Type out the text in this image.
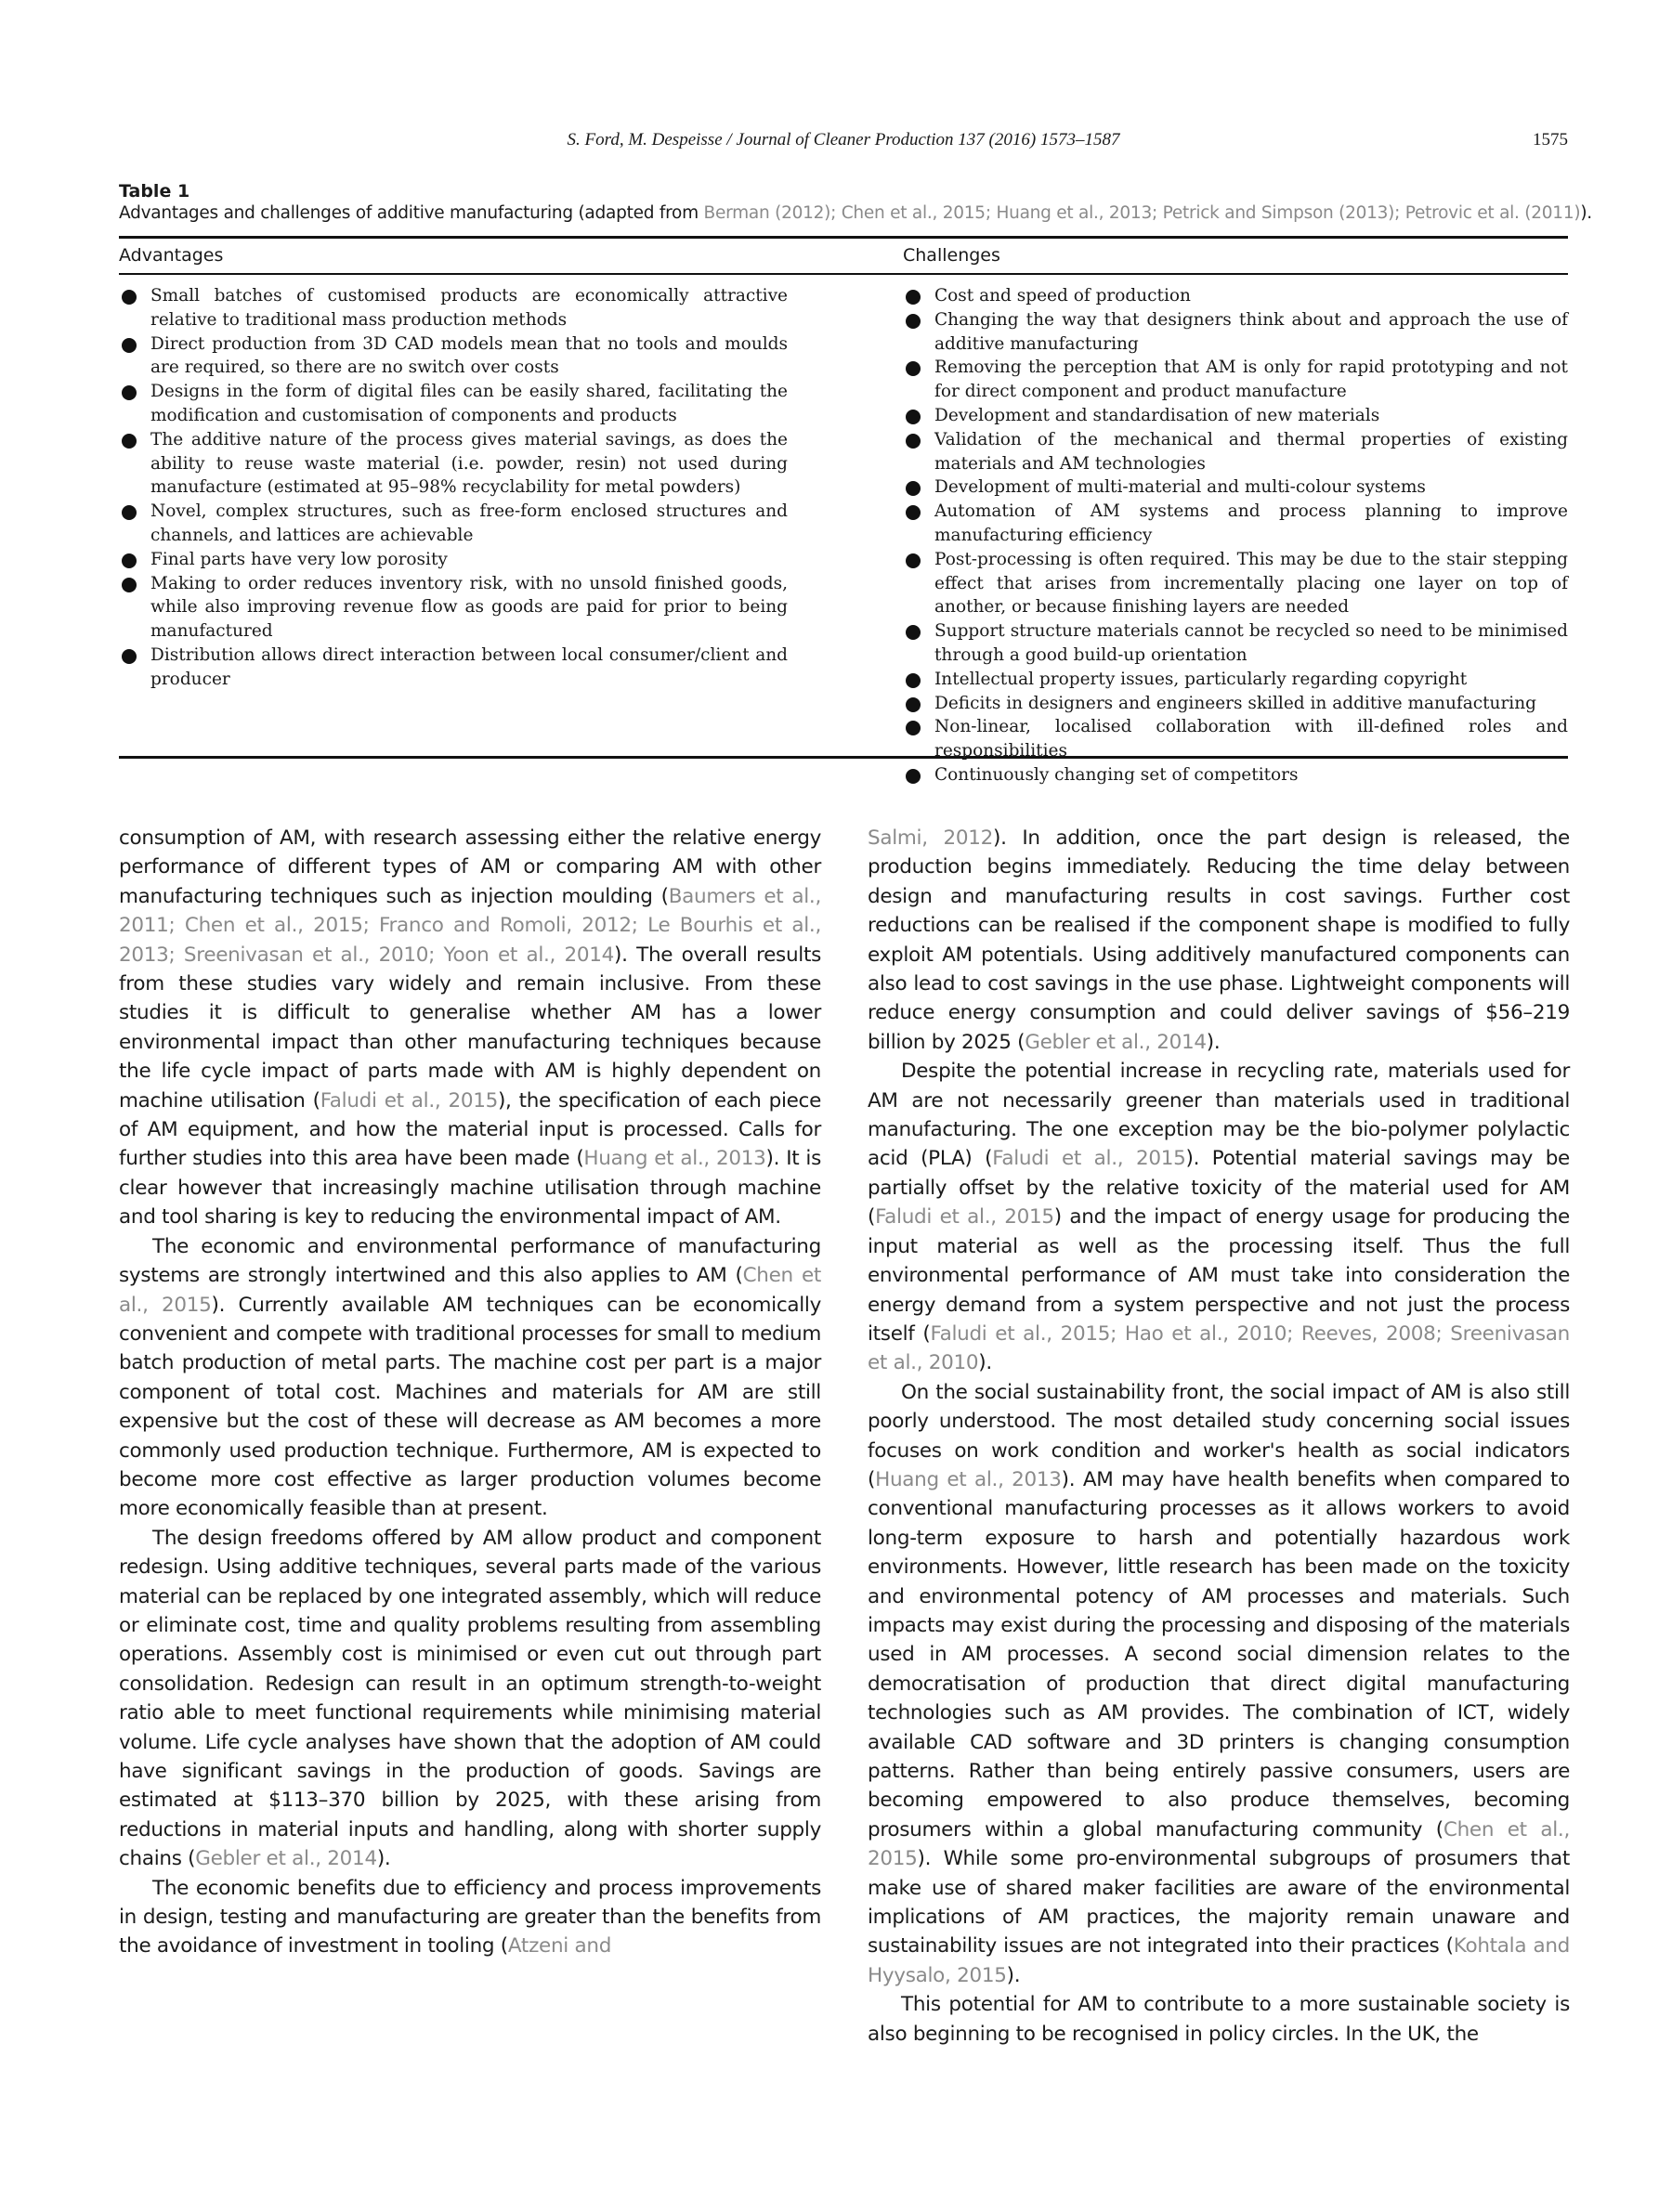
S. Ford, M. Despeisse / Journal of Cleaner Production 137 (2016) 1573–1587	1575
Table 1
Advantages and challenges of additive manufacturing (adapted from Berman (2012); Chen et al., 2015; Huang et al., 2013; Petrick and Simpson (2013); Petrovic et al. (2011)).
Advantages	Challenges
Small batches of customised products are economically attractive relative to traditional mass production methods
Direct production from 3D CAD models mean that no tools and moulds are required, so there are no switch over costs
Designs in the form of digital files can be easily shared, facilitating the modification and customisation of components and products
The additive nature of the process gives material savings, as does the ability to reuse waste material (i.e. powder, resin) not used during manufacture (estimated at 95–98% recyclability for metal powders)
Novel, complex structures, such as free-form enclosed structures and channels, and lattices are achievable
Final parts have very low porosity
Making to order reduces inventory risk, with no unsold finished goods, while also improving revenue flow as goods are paid for prior to being manufactured
Distribution allows direct interaction between local consumer/client and producer
Cost and speed of production
Changing the way that designers think about and approach the use of additive manufacturing
Removing the perception that AM is only for rapid prototyping and not for direct component and product manufacture
Development and standardisation of new materials
Validation of the mechanical and thermal properties of existing materials and AM technologies
Development of multi-material and multi-colour systems
Automation of AM systems and process planning to improve manufacturing efficiency
Post-processing is often required. This may be due to the stair stepping effect that arises from incrementally placing one layer on top of another, or because finishing layers are needed
Support structure materials cannot be recycled so need to be minimised through a good build-up orientation
Intellectual property issues, particularly regarding copyright
Deficits in designers and engineers skilled in additive manufacturing
Non-linear, localised collaboration with ill-defined roles and responsibilities
Continuously changing set of competitors

consumption of AM, with research assessing either the relative energy performance of different types of AM or comparing AM with other manufacturing techniques such as injection moulding (Baumers et al., 2011; Chen et al., 2015; Franco and Romoli, 2012; Le Bourhis et al., 2013; Sreenivasan et al., 2010; Yoon et al., 2014). The overall results from these studies vary widely and remain inclusive. From these studies it is difficult to generalise whether AM has a lower environmental impact than other manufacturing techniques because the life cycle impact of parts made with AM is highly dependent on machine utilisation (Faludi et al., 2015), the specification of each piece of AM equipment, and how the material input is processed. Calls for further studies into this area have been made (Huang et al., 2013). It is clear however that increasingly machine utilisation through machine and tool sharing is key to reducing the environmental impact of AM.

The economic and environmental performance of manufacturing systems are strongly intertwined and this also applies to AM (Chen et al., 2015). Currently available AM techniques can be economically convenient and compete with traditional processes for small to medium batch production of metal parts. The machine cost per part is a major component of total cost. Machines and materials for AM are still expensive but the cost of these will decrease as AM becomes a more commonly used production technique. Furthermore, AM is expected to become more cost effective as larger production volumes become more economically feasible than at present.

The design freedoms offered by AM allow product and component redesign. Using additive techniques, several parts made of the various material can be replaced by one integrated assembly, which will reduce or eliminate cost, time and quality problems resulting from assembling operations. Assembly cost is minimised or even cut out through part consolidation. Redesign can result in an optimum strength-to-weight ratio able to meet functional requirements while minimising material volume. Life cycle analyses have shown that the adoption of AM could have significant savings in the production of goods. Savings are estimated at $113–370 billion by 2025, with these arising from reductions in material inputs and handling, along with shorter supply chains (Gebler et al., 2014).

The economic benefits due to efficiency and process improvements in design, testing and manufacturing are greater than the benefits from the avoidance of investment in tooling (Atzeni and

Salmi, 2012). In addition, once the part design is released, the production begins immediately. Reducing the time delay between design and manufacturing results in cost savings. Further cost reductions can be realised if the component shape is modified to fully exploit AM potentials. Using additively manufactured components can also lead to cost savings in the use phase. Lightweight components will reduce energy consumption and could deliver savings of $56–219 billion by 2025 (Gebler et al., 2014).

Despite the potential increase in recycling rate, materials used for AM are not necessarily greener than materials used in traditional manufacturing. The one exception may be the bio-polymer polylactic acid (PLA) (Faludi et al., 2015). Potential material savings may be partially offset by the relative toxicity of the material used for AM (Faludi et al., 2015) and the impact of energy usage for producing the input material as well as the processing itself. Thus the full environmental performance of AM must take into consideration the energy demand from a system perspective and not just the process itself (Faludi et al., 2015; Hao et al., 2010; Reeves, 2008; Sreenivasan et al., 2010).

On the social sustainability front, the social impact of AM is also still poorly understood. The most detailed study concerning social issues focuses on work condition and worker's health as social indicators (Huang et al., 2013). AM may have health benefits when compared to conventional manufacturing processes as it allows workers to avoid long-term exposure to harsh and potentially hazardous work environments. However, little research has been made on the toxicity and environmental potency of AM processes and materials. Such impacts may exist during the processing and disposing of the materials used in AM processes. A second social dimension relates to the democratisation of production that direct digital manufacturing technologies such as AM provides. The combination of ICT, widely available CAD software and 3D printers is changing consumption patterns. Rather than being entirely passive consumers, users are becoming empowered to also produce themselves, becoming prosumers within a global manufacturing community (Chen et al., 2015). While some pro-environmental subgroups of prosumers that make use of shared maker facilities are aware of the environmental implications of AM practices, the majority remain unaware and sustainability issues are not integrated into their practices (Kohtala and Hyysalo, 2015).

This potential for AM to contribute to a more sustainable society is also beginning to be recognised in policy circles. In the UK, the
